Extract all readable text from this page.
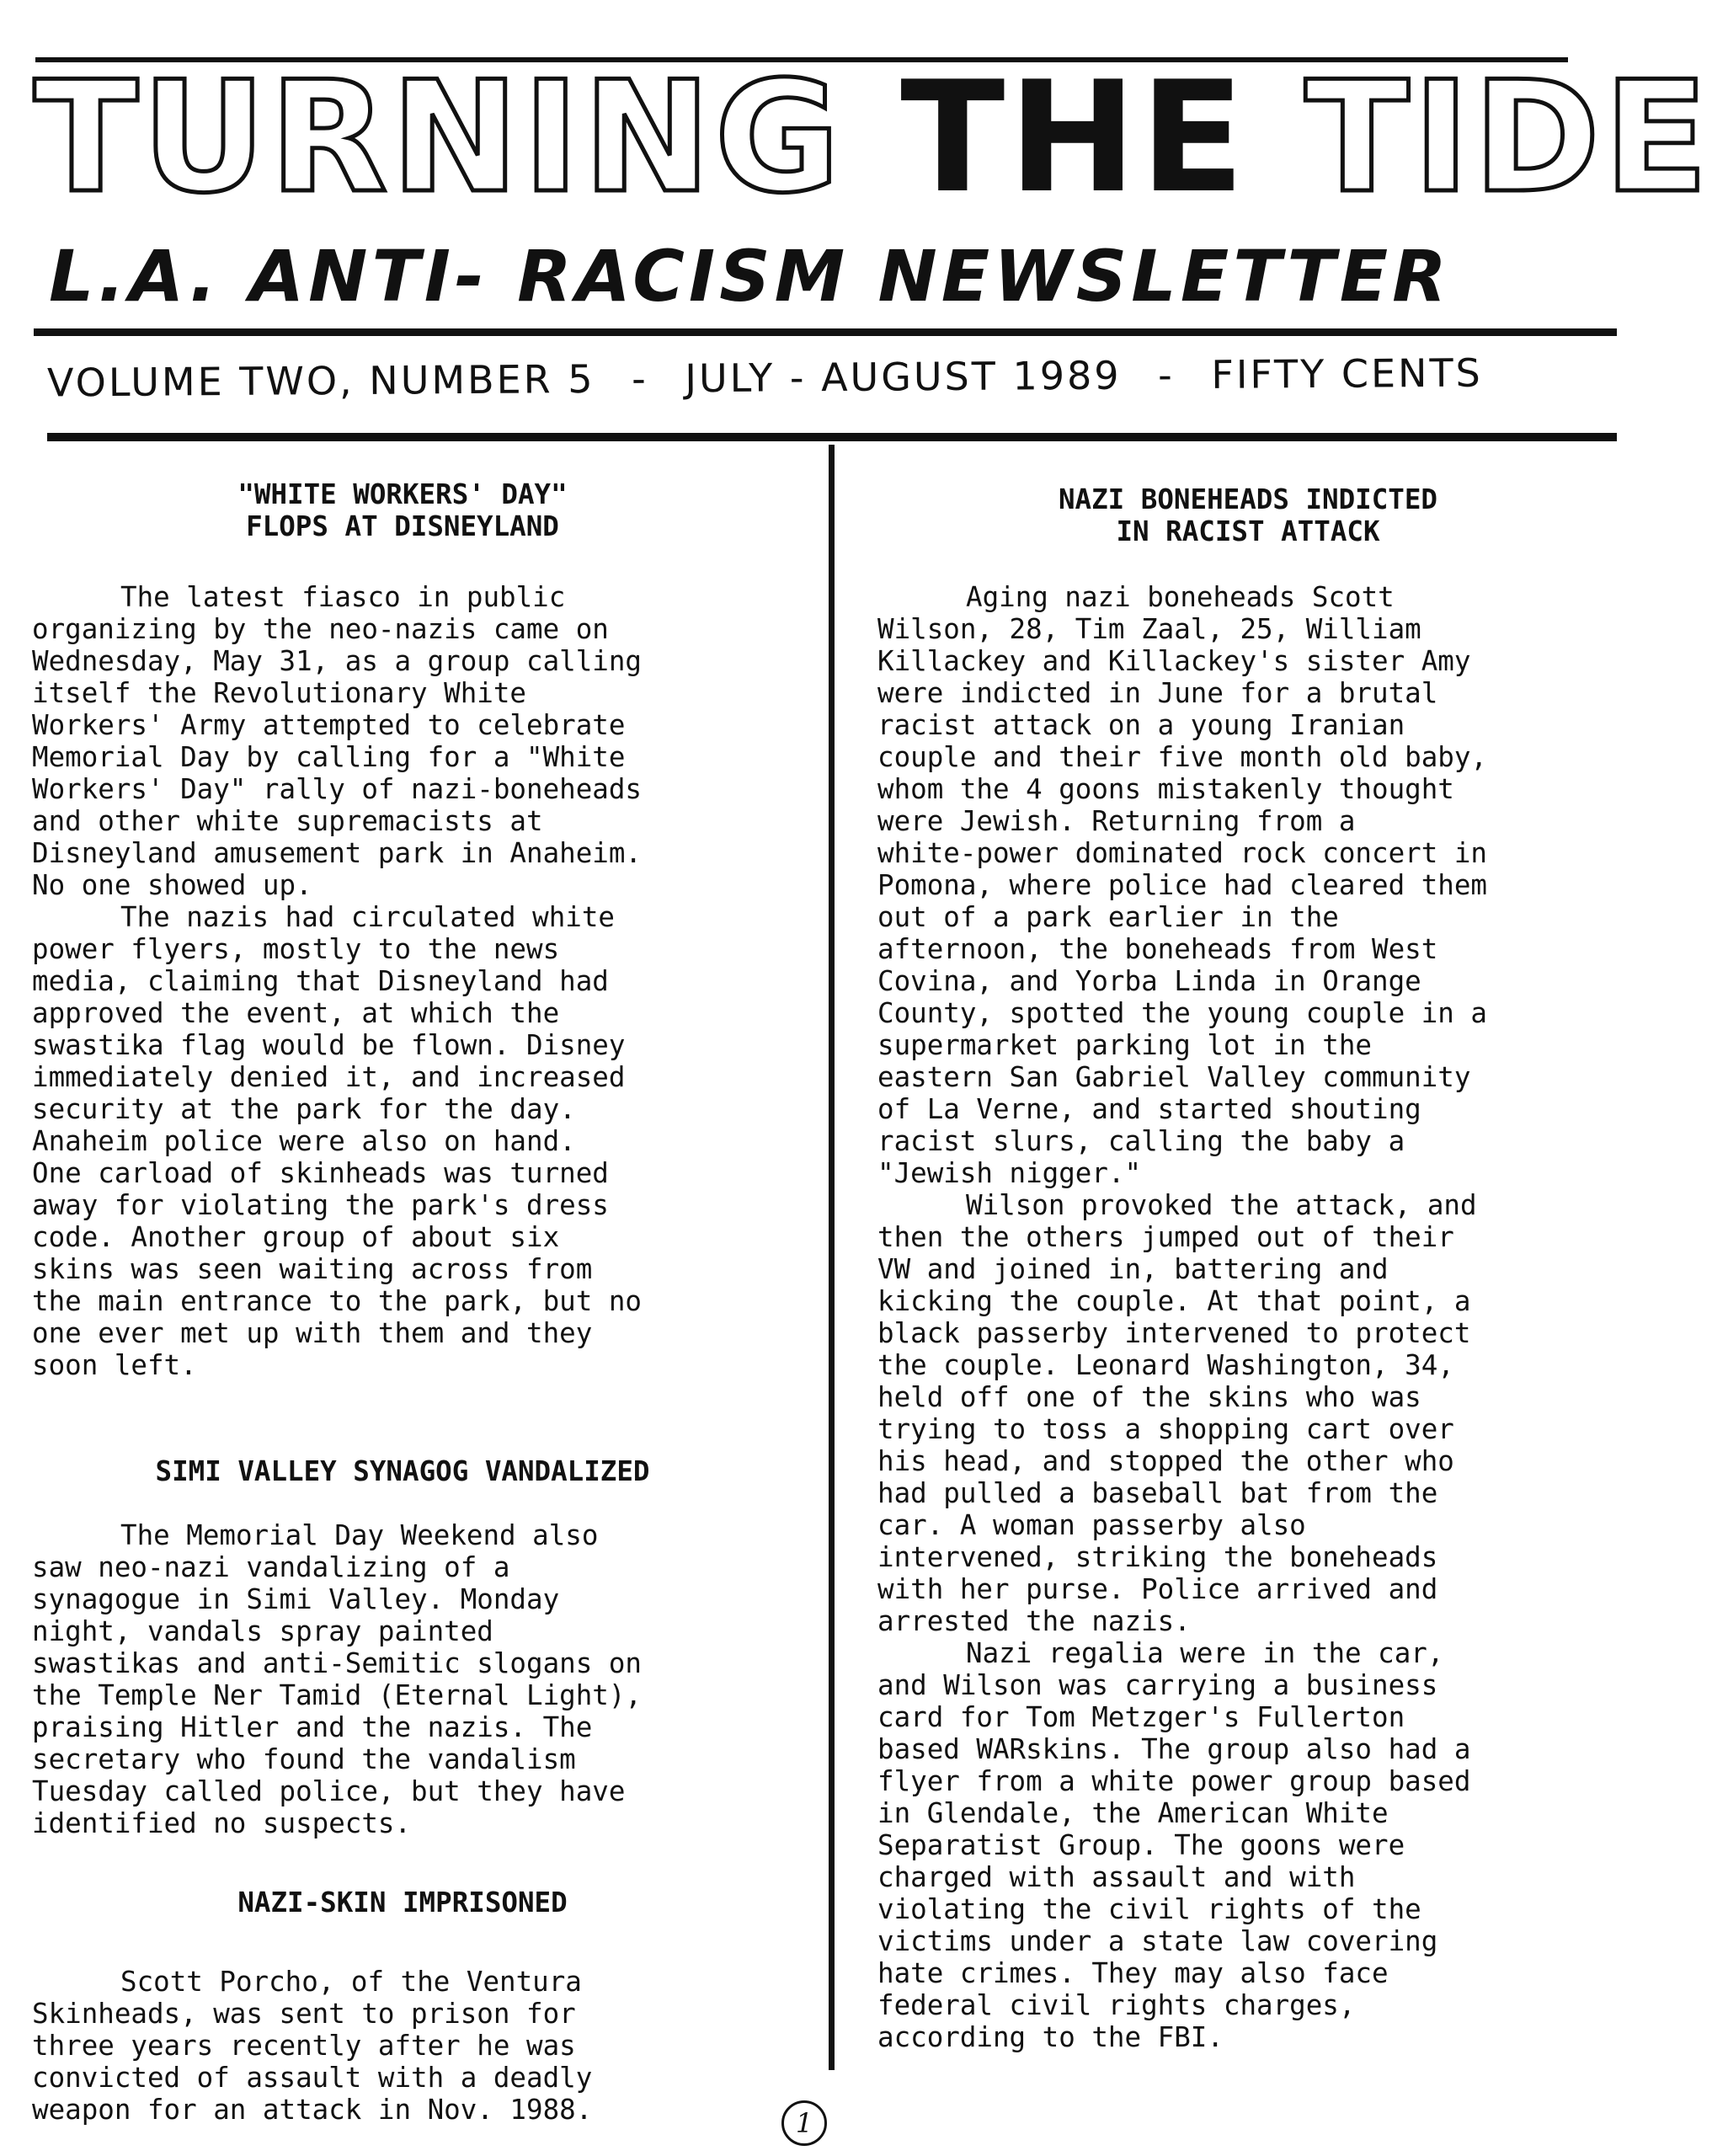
TURNING THE TIDE
L.A. ANTI- RACISM NEWSLETTER
VOLUME TWO, NUMBER 5 - JULY - AUGUST 1989 - FIFTY CENTS
"WHITE WORKERS' DAY"
FLOPS AT DISNEYLAND

The latest fiasco in public
organizing by the neo-nazis came on
Wednesday, May 31, as a group calling
itself the Revolutionary White
Workers' Army attempted to celebrate
Memorial Day by calling for a "White
Workers' Day" rally of nazi-boneheads
and other white supremacists at
Disneyland amusement park in Anaheim.
No one showed up.

The nazis had circulated white
power flyers, mostly to the news
media, claiming that Disneyland had
approved the event, at which the
swastika flag would be flown. Disney
immediately denied it, and increased
security at the park for the day.
Anaheim police were also on hand.
One carload of skinheads was turned
away for violating the park's dress
code. Another group of about six
skins was seen waiting across from
the main entrance to the park, but no
one ever met up with them and they
soon left.

SIMI VALLEY SYNAGOG VANDALIZED

The Memorial Day Weekend also
saw neo-nazi vandalizing of a
synagogue in Simi Valley. Monday
night, vandals spray painted
swastikas and anti-Semitic slogans on
the Temple Ner Tamid (Eternal Light),
praising Hitler and the nazis. The
secretary who found the vandalism
Tuesday called police, but they have
identified no suspects.

NAZI-SKIN IMPRISONED

Scott Porcho, of the Ventura
Skinheads, was sent to prison for
three years recently after he was
convicted of assault with a deadly
weapon for an attack in Nov. 1988.

NAZI BONEHEADS INDICTED
IN RACIST ATTACK

Aging nazi boneheads Scott
Wilson, 28, Tim Zaal, 25, William
Killackey and Killackey's sister Amy
were indicted in June for a brutal
racist attack on a young Iranian
couple and their five month old baby,
whom the 4 goons mistakenly thought
were Jewish. Returning from a
white-power dominated rock concert in
Pomona, where police had cleared them
out of a park earlier in the
afternoon, the boneheads from West
Covina, and Yorba Linda in Orange
County, spotted the young couple in a
supermarket parking lot in the
eastern San Gabriel Valley community
of La Verne, and started shouting
racist slurs, calling the baby a
"Jewish nigger."

Wilson provoked the attack, and
then the others jumped out of their
VW and joined in, battering and
kicking the couple. At that point, a
black passerby intervened to protect
the couple. Leonard Washington, 34,
held off one of the skins who was
trying to toss a shopping cart over
his head, and stopped the other who
had pulled a baseball bat from the
car. A woman passerby also
intervened, striking the boneheads
with her purse. Police arrived and
arrested the nazis.

Nazi regalia were in the car,
and Wilson was carrying a business
card for Tom Metzger's Fullerton
based WARskins. The group also had a
flyer from a white power group based
in Glendale, the American White
Separatist Group. The goons were
charged with assault and with
violating the civil rights of the
victims under a state law covering
hate crimes. They may also face
federal civil rights charges,
according to the FBI.

1
